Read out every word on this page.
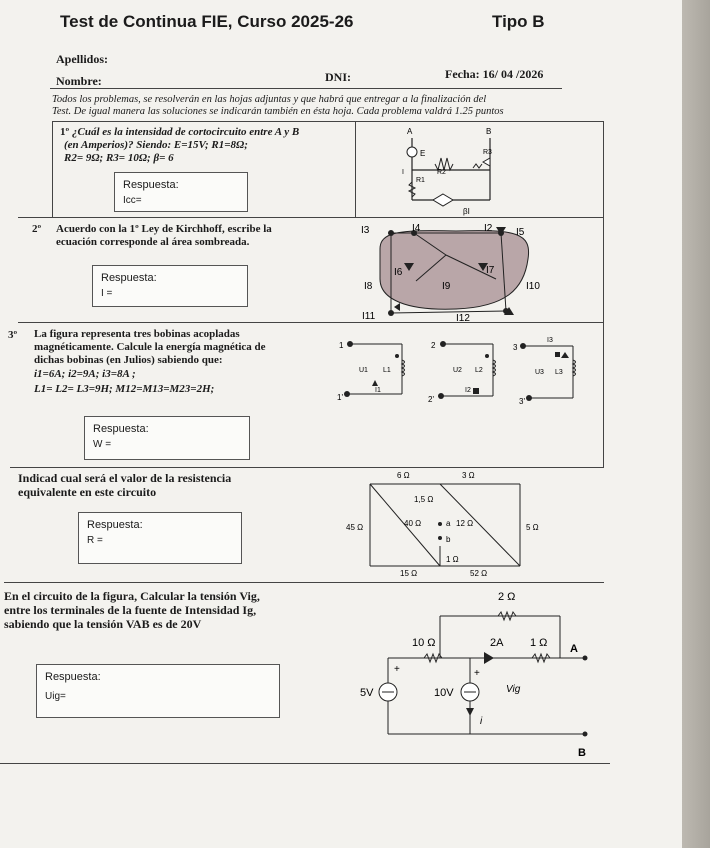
Test de Continua FIE, Curso 2025-26	Tipo B
Apellidos:
Nombre:	DNI:	Fecha: 16/ 04 /2026
Todos los problemas, se resolverán en las hojas adjuntas y que habrá que entregar a la finalización del
Test. De igual manera las soluciones se indicarán también en ésta hoja. Cada problema valdrá 1.25 puntos
1º ¿Cuál es la intensidad de cortocircuito entre A y B
(en Amperios)? Siendo: E=15V; R1=8Ω;
R2= 9Ω; R3= 10Ω; β= 6
Respuesta:
Icc=
A	B
E
R1
R2
R3
I
βI
2º Acuerdo con la 1º Ley de Kirchhoff, escribe la
ecuación corresponde al área sombreada.
Respuesta:
I =
I3	I4	I2 I5
I6	I7
I8	I9	I10
I11	I12
3º La figura representa tres bobinas acopladas
magnéticamente. Calcule la energía magnética de
dichas bobinas (en Julios) sabiendo que:
i1=6A; i2=9A; i3=8A ;
L1= L2= L3=9H; M12=M13=M23=2H;
Respuesta:
W =
1
1'
L1
U1
I1
2
2'
L2
U2
I2
3
3'
L3
U3
I3
Indicad cual será el valor de la resistencia
equivalente en este circuito
Respuesta:
R =
6 Ω	3 Ω
1,5 Ω
45 Ω	40 Ω	12 Ω	5 Ω
1 Ω
15 Ω	52 Ω
a
b
En el circuito de la figura, Calcular la tensión Vig,
entre los terminales de la fuente de Intensidad Ig,
sabiendo que la tensión VAB es de 20V
Respuesta:
Uig=
2 Ω
10 Ω	2A 1 Ω A
5V	10V	Vig
i
B
+	+
